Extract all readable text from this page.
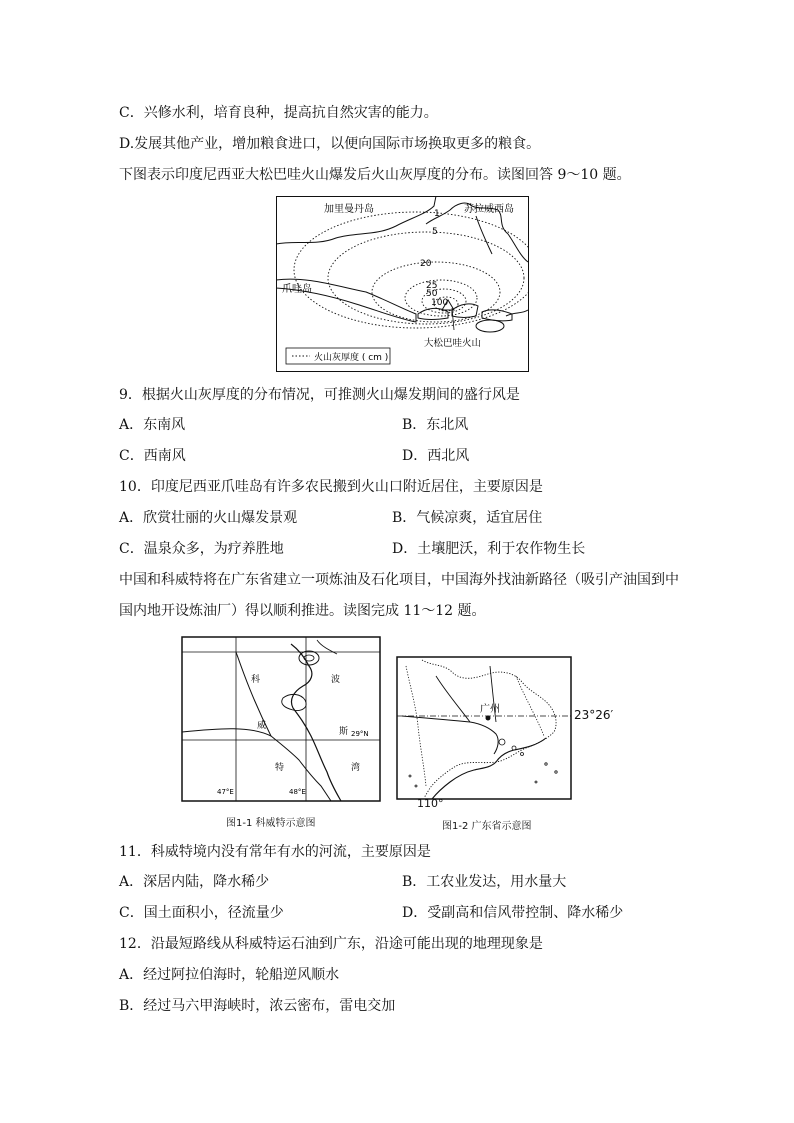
C．兴修水利，培育良种，提高抗自然灾害的能力。
D.发展其他产业，增加粮食进口，以便向国际市场换取更多的粮食。
下图表示印度尼西亚大松巴哇火山爆发后火山灰厚度的分布。读图回答 9～10 题。
1
5
20
25
50
100
加里曼丹岛	苏拉威西岛
爪哇岛
大松巴哇火山
火山灰厚度 ( cm )
9．根据火山灰厚度的分布情况，可推测火山爆发期间的盛行风是
A．东南风	B．东北风
C．西南风	D．西北风
10．印度尼西亚爪哇岛有许多农民搬到火山口附近居住，主要原因是
A．欣赏壮丽的火山爆发景观	B．气候凉爽，适宜居住
C．温泉众多，为疗养胜地	D．土壤肥沃，利于农作物生长
中国和科威特将在广东省建立一项炼油及石化项目，中国海外找油新路径（吸引产油国到中
国内地开设炼油厂）得以顺利推进。读图完成 11～12 题。
科
威
特
波
斯
湾
29°N
47°E	48°E
广州	23°26′
110°
图1-1 科威特示意图	图1-2 广东省示意图
11．科威特境内没有常年有水的河流，主要原因是
A．深居内陆，降水稀少	B．工农业发达，用水量大
C．国土面积小，径流量少	D．受副高和信风带控制、降水稀少
12．沿最短路线从科威特运石油到广东，沿途可能出现的地理现象是
A．经过阿拉伯海时，轮船逆风顺水
B．经过马六甲海峡时，浓云密布，雷电交加
